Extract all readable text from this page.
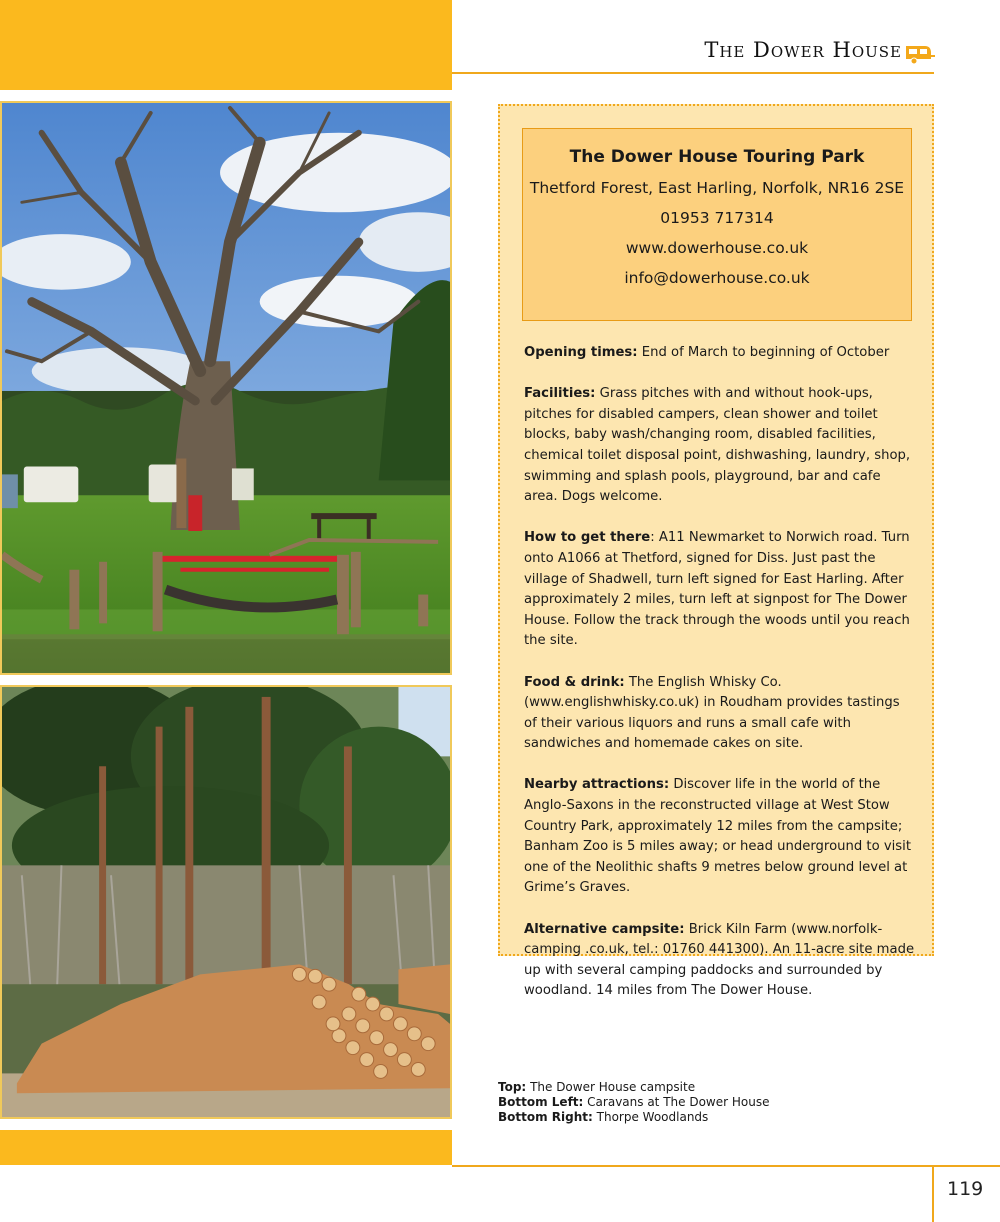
The Dower House
The Dower House Touring Park
Thetford Forest, East Harling, Norfolk, NR16 2SE
01953 717314
www.dowerhouse.co.uk
info@dowerhouse.co.uk

Opening times: End of March to beginning of October

Facilities: Grass pitches with and without hook-ups, pitches for disabled campers, clean shower and toilet blocks, baby wash/changing room, disabled facilities, chemical toilet disposal point, dishwashing, laundry, shop, swimming and splash pools, playground, bar and cafe area. Dogs welcome.

How to get there: A11 Newmarket to Norwich road. Turn onto A1066 at Thetford, signed for Diss. Just past the village of Shadwell, turn left signed for East Harling. After approximately 2 miles, turn left at signpost for The Dower House. Follow the track through the woods until you reach the site.

Food & drink: The English Whisky Co. (www.englishwhisky.co.uk) in Roudham provides tastings of their various liquors and runs a small cafe with sandwiches and homemade cakes on site.

Nearby attractions: Discover life in the world of the Anglo-Saxons in the reconstructed village at West Stow Country Park, approximately 12 miles from the campsite; Banham Zoo is 5 miles away; or head underground to visit one of the Neolithic shafts 9 metres below ground level at Grime’s Graves.

Alternative campsite: Brick Kiln Farm (www.norfolk-camping .co.uk, tel.: 01760 441300). An 11-acre site made up with several camping paddocks and surrounded by woodland. 14 miles from The Dower House.

Top: The Dower House campsite
Bottom Left: Caravans at The Dower House
Bottom Right: Thorpe Woodlands
119
